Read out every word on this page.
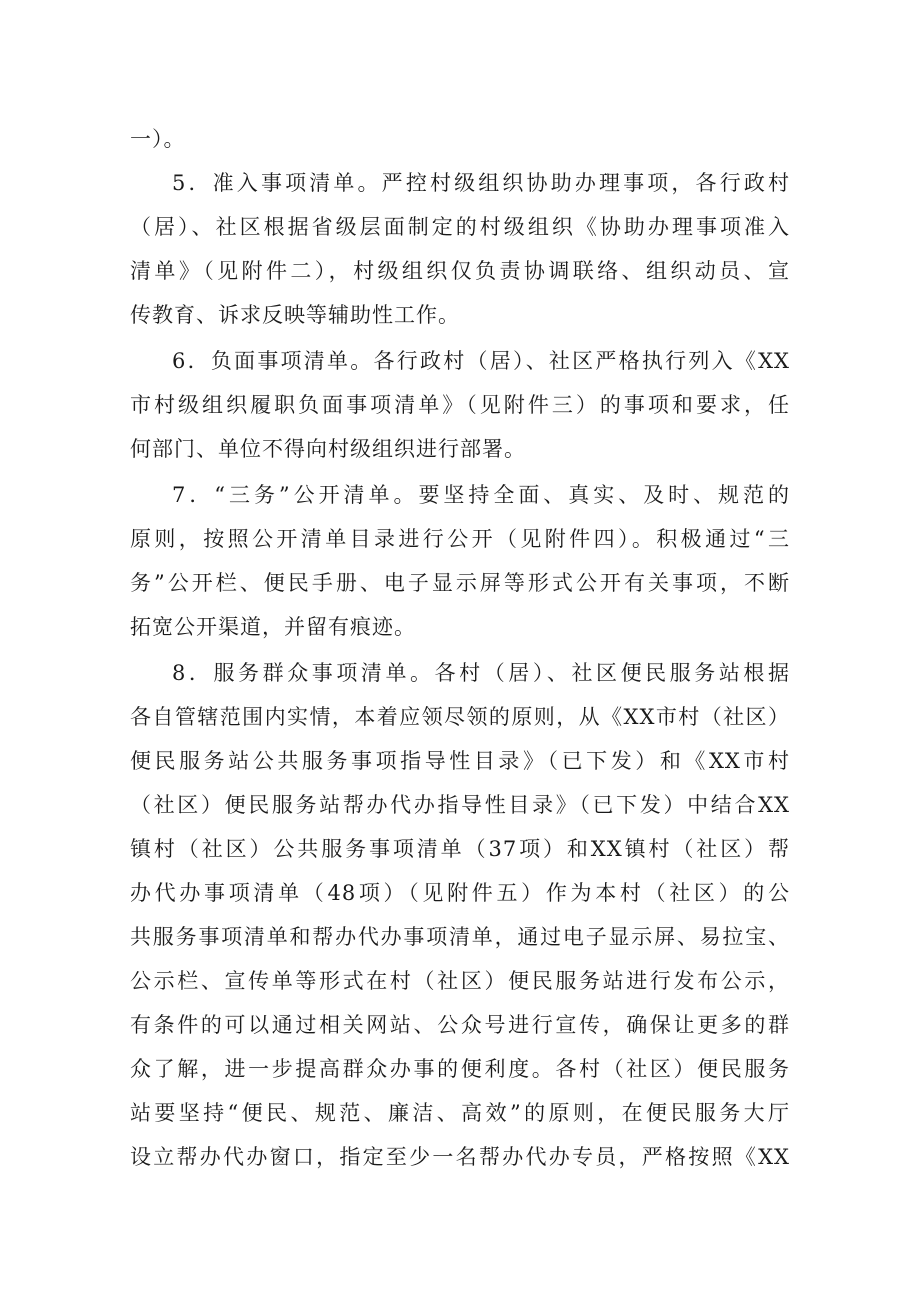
一）。
5．准入事项清单。严控村级组织协助办理事项，各行政村
（居）、社区根据省级层面制定的村级组织《协助办理事项准入
清单》（见附件二），村级组织仅负责协调联络、组织动员、宣
传教育、诉求反映等辅助性工作。
6．负面事项清单。各行政村（居）、社区严格执行列入《XX
市村级组织履职负面事项清单》（见附件三）的事项和要求，任
何部门、单位不得向村级组织进行部署。
7．“三务”公开清单。要坚持全面、真实、及时、规范的
原则，按照公开清单目录进行公开（见附件四）。积极通过“三
务”公开栏、便民手册、电子显示屏等形式公开有关事项，不断
拓宽公开渠道，并留有痕迹。
8．服务群众事项清单。各村（居）、社区便民服务站根据
各自管辖范围内实情，本着应领尽领的原则，从《XX市村（社区）
便民服务站公共服务事项指导性目录》（已下发）和《XX市村
（社区）便民服务站帮办代办指导性目录》（已下发）中结合XX
镇村（社区）公共服务事项清单（37项）和XX镇村（社区）帮
办代办事项清单（48项）（见附件五）作为本村（社区）的公
共服务事项清单和帮办代办事项清单，通过电子显示屏、易拉宝、
公示栏、宣传单等形式在村（社区）便民服务站进行发布公示，
有条件的可以通过相关网站、公众号进行宣传，确保让更多的群
众了解，进一步提高群众办事的便利度。各村（社区）便民服务
站要坚持“便民、规范、廉洁、高效”的原则，在便民服务大厅
设立帮办代办窗口，指定至少一名帮办代办专员，严格按照《XX
